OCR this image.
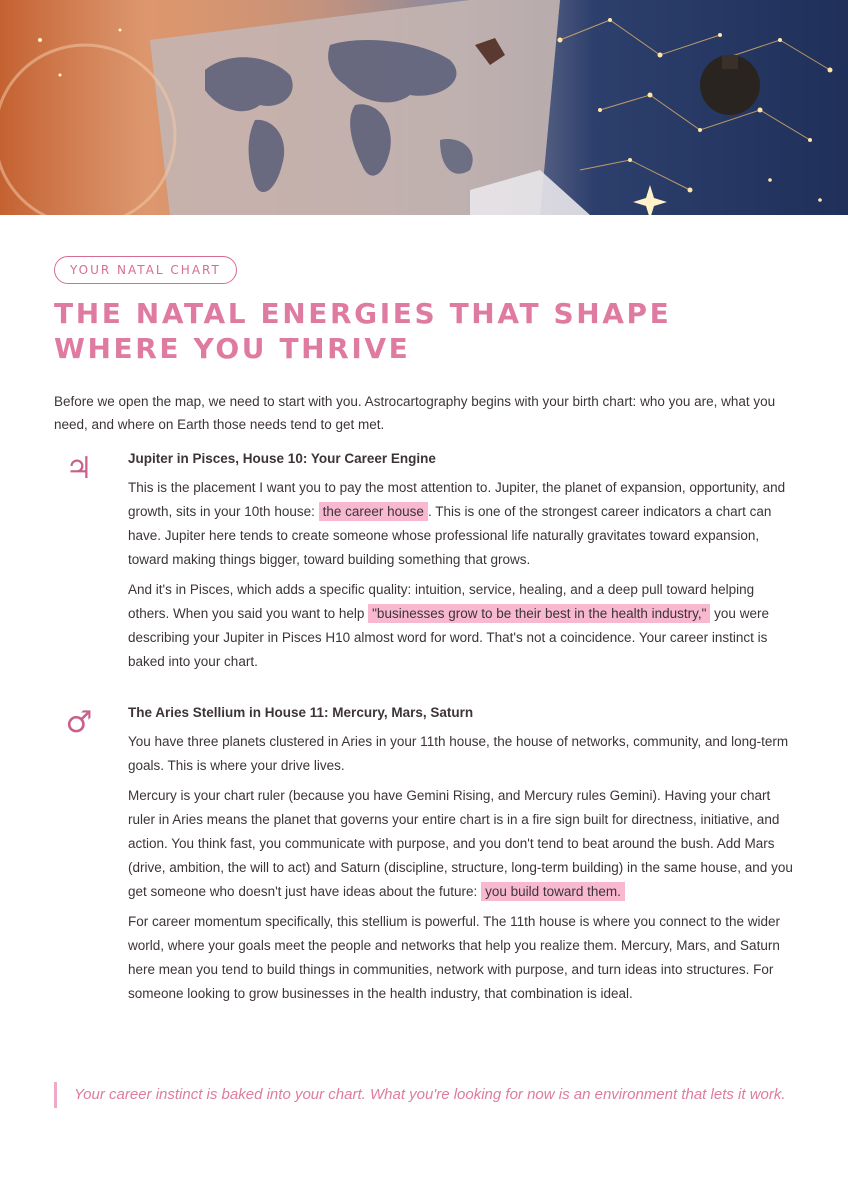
YOUR NATAL CHART
THE NATAL ENERGIES THAT SHAPE WHERE YOU THRIVE
Before we open the map, we need to start with you. Astrocartography begins with your birth chart: who you are, what you need, and where on Earth those needs tend to get met.
♃	Jupiter in Pisces, House 10: Your Career Engine

This is the placement I want you to pay the most attention to. Jupiter, the planet of expansion, opportunity, and growth, sits in your 10th house: the career house . This is one of the strongest career indicators a chart can have. Jupiter here tends to create someone whose professional life naturally gravitates toward expansion, toward making things bigger, toward building something that grows.

And it's in Pisces, which adds a specific quality: intuition, service, healing, and a deep pull toward helping others. When you said you want to help "businesses grow to be their best in the health industry," you were describing your Jupiter in Pisces H10 almost word for word. That's not a coincidence. Your career instinct is baked into your chart.

♂	The Aries Stellium in House 11: Mercury, Mars, Saturn

You have three planets clustered in Aries in your 11th house, the house of networks, community, and long-term goals. This is where your drive lives.

Mercury is your chart ruler (because you have Gemini Rising, and Mercury rules Gemini). Having your chart ruler in Aries means the planet that governs your entire chart is in a fire sign built for directness, initiative, and action. You think fast, you communicate with purpose, and you don't tend to beat around the bush. Add Mars (drive, ambition, the will to act) and Saturn (discipline, structure, long-term building) in the same house, and you get someone who doesn't just have ideas about the future: you build toward them.

For career momentum specifically, this stellium is powerful. The 11th house is where you connect to the wider world, where your goals meet the people and networks that help you realize them. Mercury, Mars, and Saturn here mean you tend to build things in communities, network with purpose, and turn ideas into structures. For someone looking to grow businesses in the health industry, that combination is ideal.

Your career instinct is baked into your chart. What you're looking for now is an environment that lets it work.
